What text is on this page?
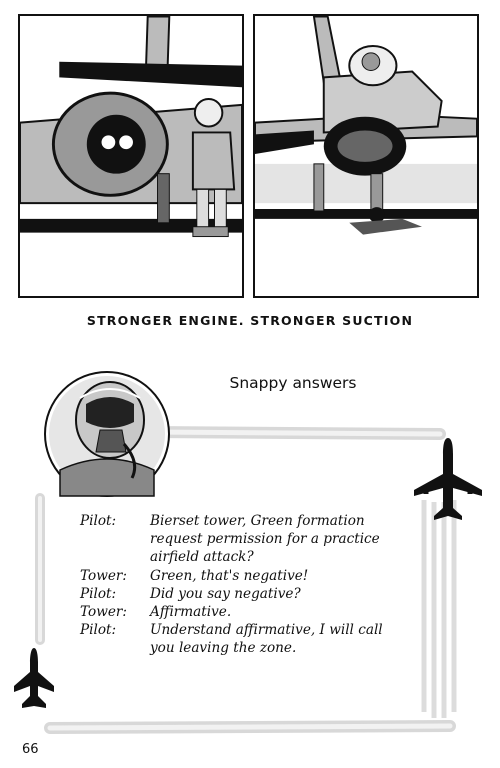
STRONGER ENGINE. STRONGER SUCTION
Snappy answers
Pilot:	Bierset tower, Green formation request permission for a practice airfield attack?
Tower:	Green, that's negative!
Pilot:	Did you say negative?
Tower:	Affirmative.
Pilot:	Understand affirmative, I will call you leaving the zone.
66
